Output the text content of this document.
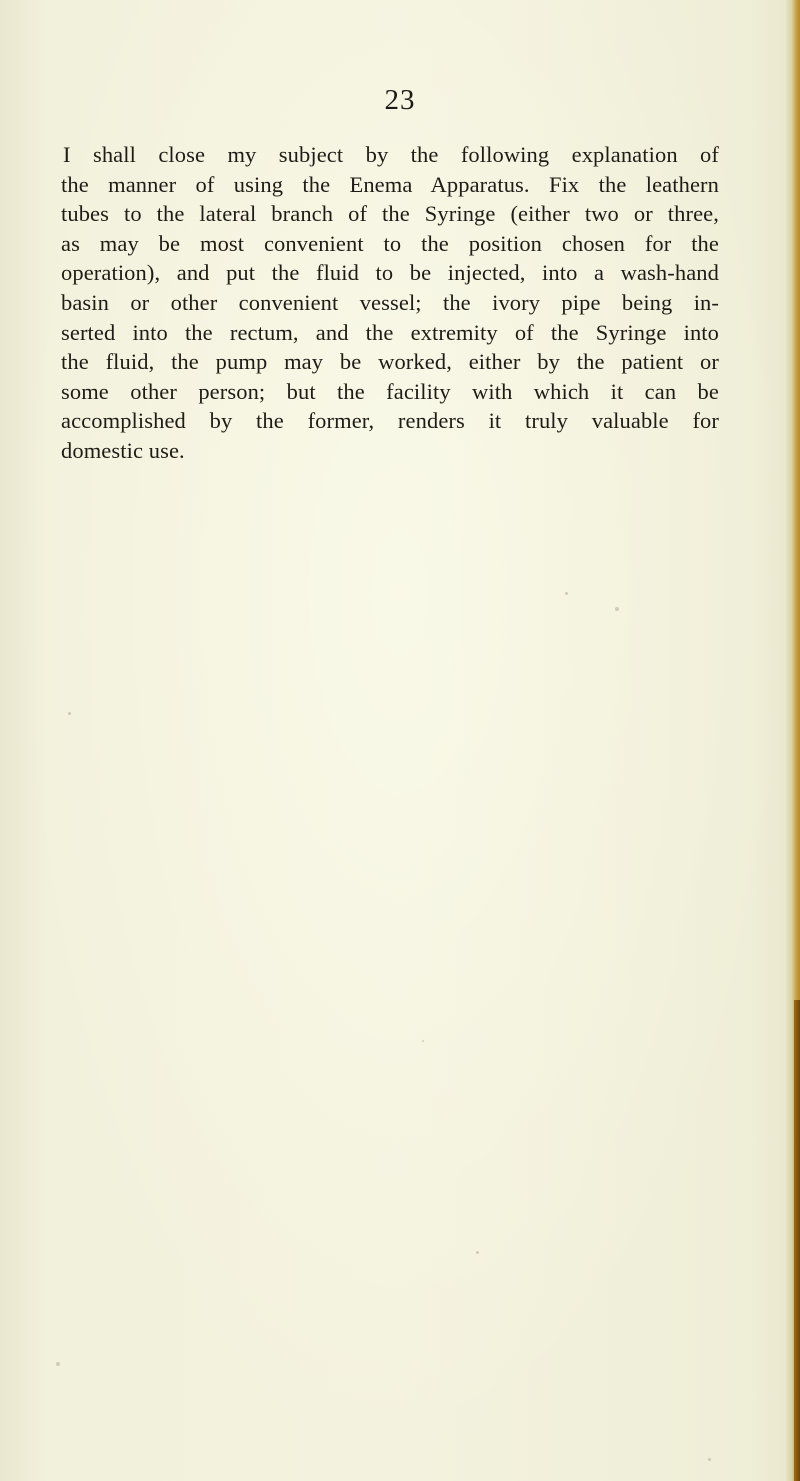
23
I shall close my subject by the following explanation of
the manner of using the Enema Apparatus. Fix the leathern
tubes to the lateral branch of the Syringe (either two or three,
as may be most convenient to the position chosen for the
operation), and put the fluid to be injected, into a wash-hand
basin or other convenient vessel; the ivory pipe being in-
serted into the rectum, and the extremity of the Syringe into
the fluid, the pump may be worked, either by the patient or
some other person; but the facility with which it can be
accomplished by the former, renders it truly valuable for
domestic use.
